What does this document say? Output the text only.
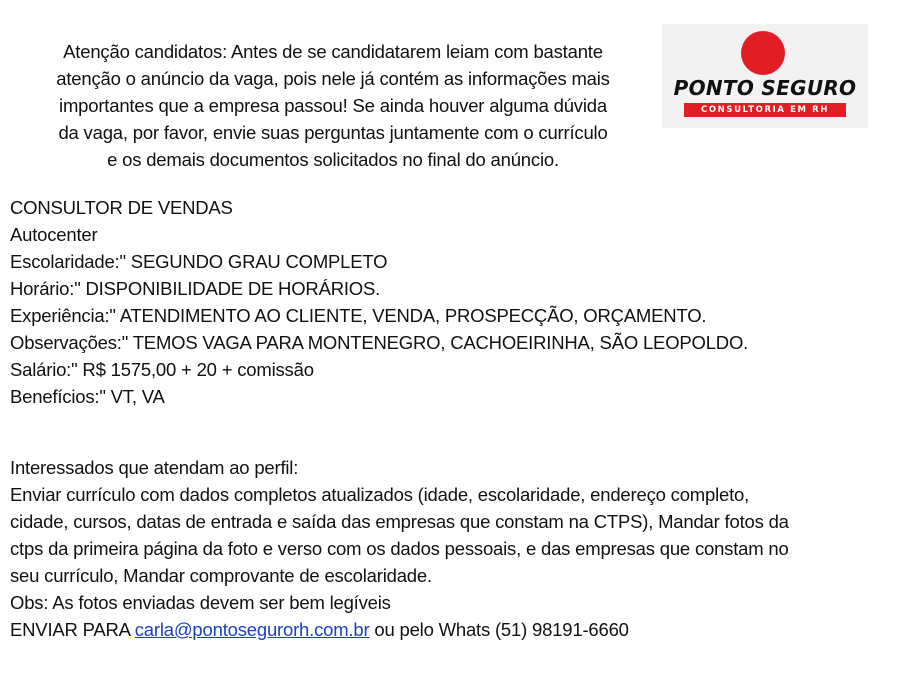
Atenção candidatos: Antes de se candidatarem leiam com bastante
atenção o anúncio da vaga, pois nele já contém as informações mais
importantes que a empresa passou! Se ainda houver alguma dúvida
da vaga, por favor, envie suas perguntas juntamente com o currículo
e os demais documentos solicitados no final do anúncio.
PONTO SEGURO
CONSULTORIA EM RH
CONSULTOR DE VENDAS
Autocenter
Escolaridade:" SEGUNDO GRAU COMPLETO
Horário:" DISPONIBILIDADE DE HORÁRIOS.
Experiência:" ATENDIMENTO AO CLIENTE, VENDA, PROSPECÇÃO, ORÇAMENTO.
Observações:" TEMOS VAGA PARA MONTENEGRO, CACHOEIRINHA, SÃO LEOPOLDO.
Salário:" R$ 1575,00 + 20 + comissão
Benefícios:" VT, VA
Interessados que atendam ao perfil:
Enviar currículo com dados completos atualizados (idade, escolaridade, endereço completo,
cidade, cursos, datas de entrada e saída das empresas que constam na CTPS), Mandar fotos da
ctps da primeira página da foto e verso com os dados pessoais, e das empresas que constam no
seu currículo, Mandar comprovante de escolaridade.
Obs: As fotos enviadas devem ser bem legíveis
ENVIAR PARA carla@pontosegurorh.com.br ou pelo Whats (51) 98191-6660
